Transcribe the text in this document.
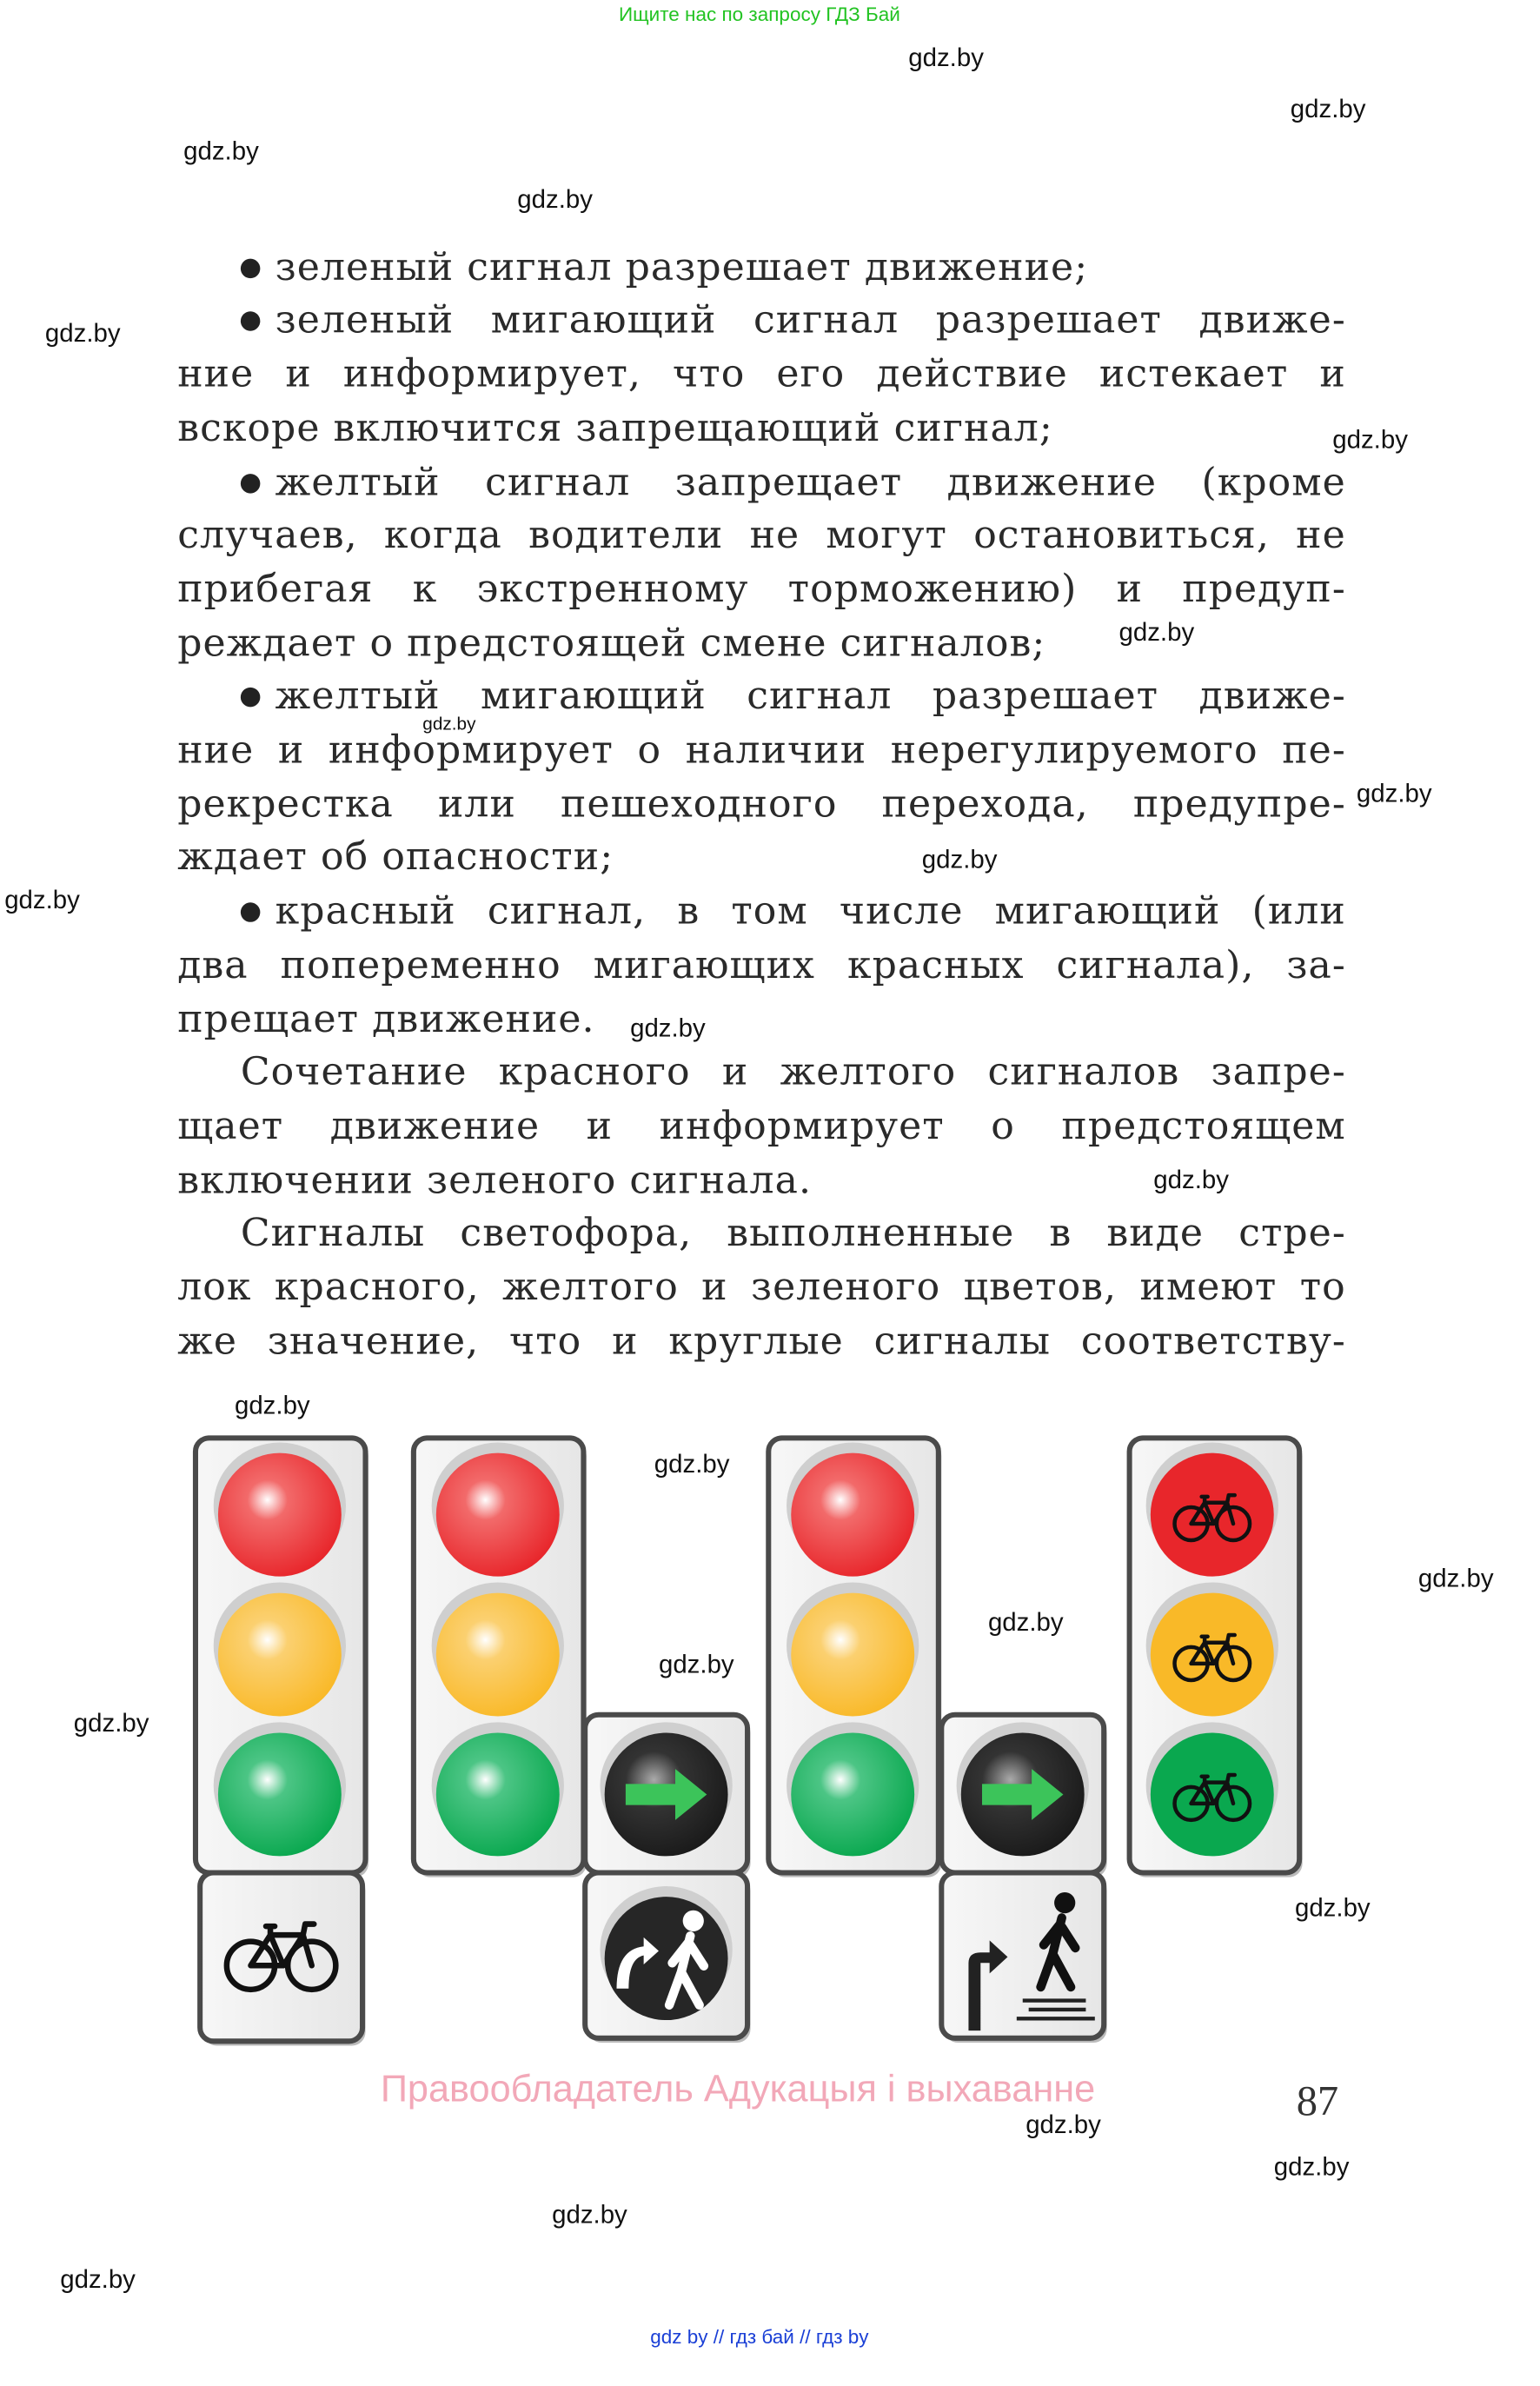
Ищите нас по запросу ГДЗ Бай
зеленый сигнал разрешает движение;
зеленый мигающий сигнал разрешает движе-
ние и информирует, что его действие истекает и
вскоре включится запрещающий сигнал;
желтый сигнал запрещает движение (кроме
случаев, когда водители не могут остановиться, не
прибегая к экстренному торможению) и предуп-
реждает о предстоящей смене сигналов;
желтый мигающий сигнал разрешает движе-
ние и информирует о наличии нерегулируемого пе-
рекрестка или пешеходного перехода, предупре-
ждает об опасности;
красный сигнал, в том числе мигающий (или
два попеременно мигающих красных сигнала), за-
прещает движение.
Сочетание красного и желтого сигналов запре-
щает движение и информирует о предстоящем
включении зеленого сигнала.
Сигналы светофора, выполненные в виде стре-
лок красного, желтого и зеленого цветов, имеют то
же значение, что и круглые сигналы соответству-
gdz.by
gdz.by
gdz.by
gdz.by
gdz.by
gdz.by
gdz.by
gdz.by
gdz.by
gdz.by
gdz.by
gdz.by
gdz.by
gdz.by
gdz.by
gdz.by
gdz.by
gdz.by
gdz.by
gdz.by
gdz.by
gdz.by
gdz.by
gdz.by
Правообладатель Адукацыя і выхаванне	87
gdz by // гдз бай // гдз by
